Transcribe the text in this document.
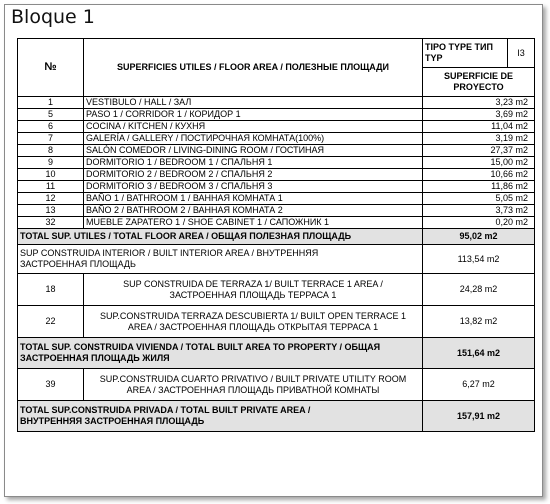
Bloque 1
№	SUPERFICIES UTILES / FLOOR AREA / ПОЛЕЗНЫЕ ПЛОЩАДИ	TIPO TYPE ТИП TYP	I3
		SUPERFICIE DE PROYECTO	
1	VESTIBULO / HALL / ЗАЛ	3,23 m2	
5	PASO 1 / CORRIDOR 1 / КОРИДОР 1	3,69 m2	
6	COCINA / KITCHEN / КУХНЯ	11,04 m2	
7	GALERÍA / GALLERY / ПОСТИРОЧНАЯ КОМНАТА(100%)	3,19 m2	
8	SALÓN COMEDOR / LIVING-DINING ROOM / ГОСТИНАЯ	27,37 m2	
9	DORMITORIO 1 / BEDROOM 1 / СПАЛЬНЯ 1	15,00 m2	
10	DORMITORIO 2 / BEDROOM 2 / СПАЛЬНЯ 2	10,66 m2	
11	DORMITORIO 3 / BEDROOM 3 / СПАЛЬНЯ 3	11,86 m2	
12	BAÑO 1 / BATHROOM 1 / ВАННАЯ КОМНАТА 1	5,05 m2	
13	BAÑO 2 / BATHROOM 2 / ВАННАЯ КОМНАТА 2	3,73 m2	
32	MUEBLE ZAPATERO 1 / SHOE CABINET 1 / САПОЖНИК 1	0,20 m2	
TOTAL SUP. UTILES / TOTAL FLOOR AREA / ОБЩАЯ ПОЛЕЗНАЯ ПЛОЩАДЬ		95,02 m2	
SUP CONSTRUIDA INTERIOR / BUILT INTERIOR AREA / ВНУТРЕННЯЯ ЗАСТРОЕННАЯ ПЛОЩАДЬ		113,54 m2	
18	SUP CONSTRUIDA DE TERRAZA 1/ BUILT TERRACE 1 AREA / ЗАСТРОЕННАЯ ПЛОЩАДЬ ТЕРРАСА 1	24,28 m2	
22	SUP.CONSTRUIDA TERRAZA DESCUBIERTA 1/ BUILT OPEN TERRACE 1 AREA / ЗАСТРОЕННАЯ ПЛОЩАДЬ ОТКРЫТАЯ ТЕРРАСА 1	13,82 m2	
TOTAL SUP. CONSTRUIDA VIVIENDA / TOTAL BUILT AREA TO PROPERTY / ОБЩАЯ ЗАСТРОЕННАЯ ПЛОЩАДЬ ЖИЛЯ		151,64 m2	
39	SUP.CONSTRUIDA CUARTO PRIVATIVO / BUILT PRIVATE UTILITY ROOM AREA / ЗАСТРОЕННАЯ ПЛОЩАДЬ ПРИВАТНОЙ КОМНАТЫ	6,27 m2	
TOTAL SUP.CONSTRUIDA PRIVADA / TOTAL BUILT PRIVATE AREA / ВНУТРЕННЯЯ ЗАСТРОЕННАЯ ПЛОЩАДЬ		157,91 m2	
